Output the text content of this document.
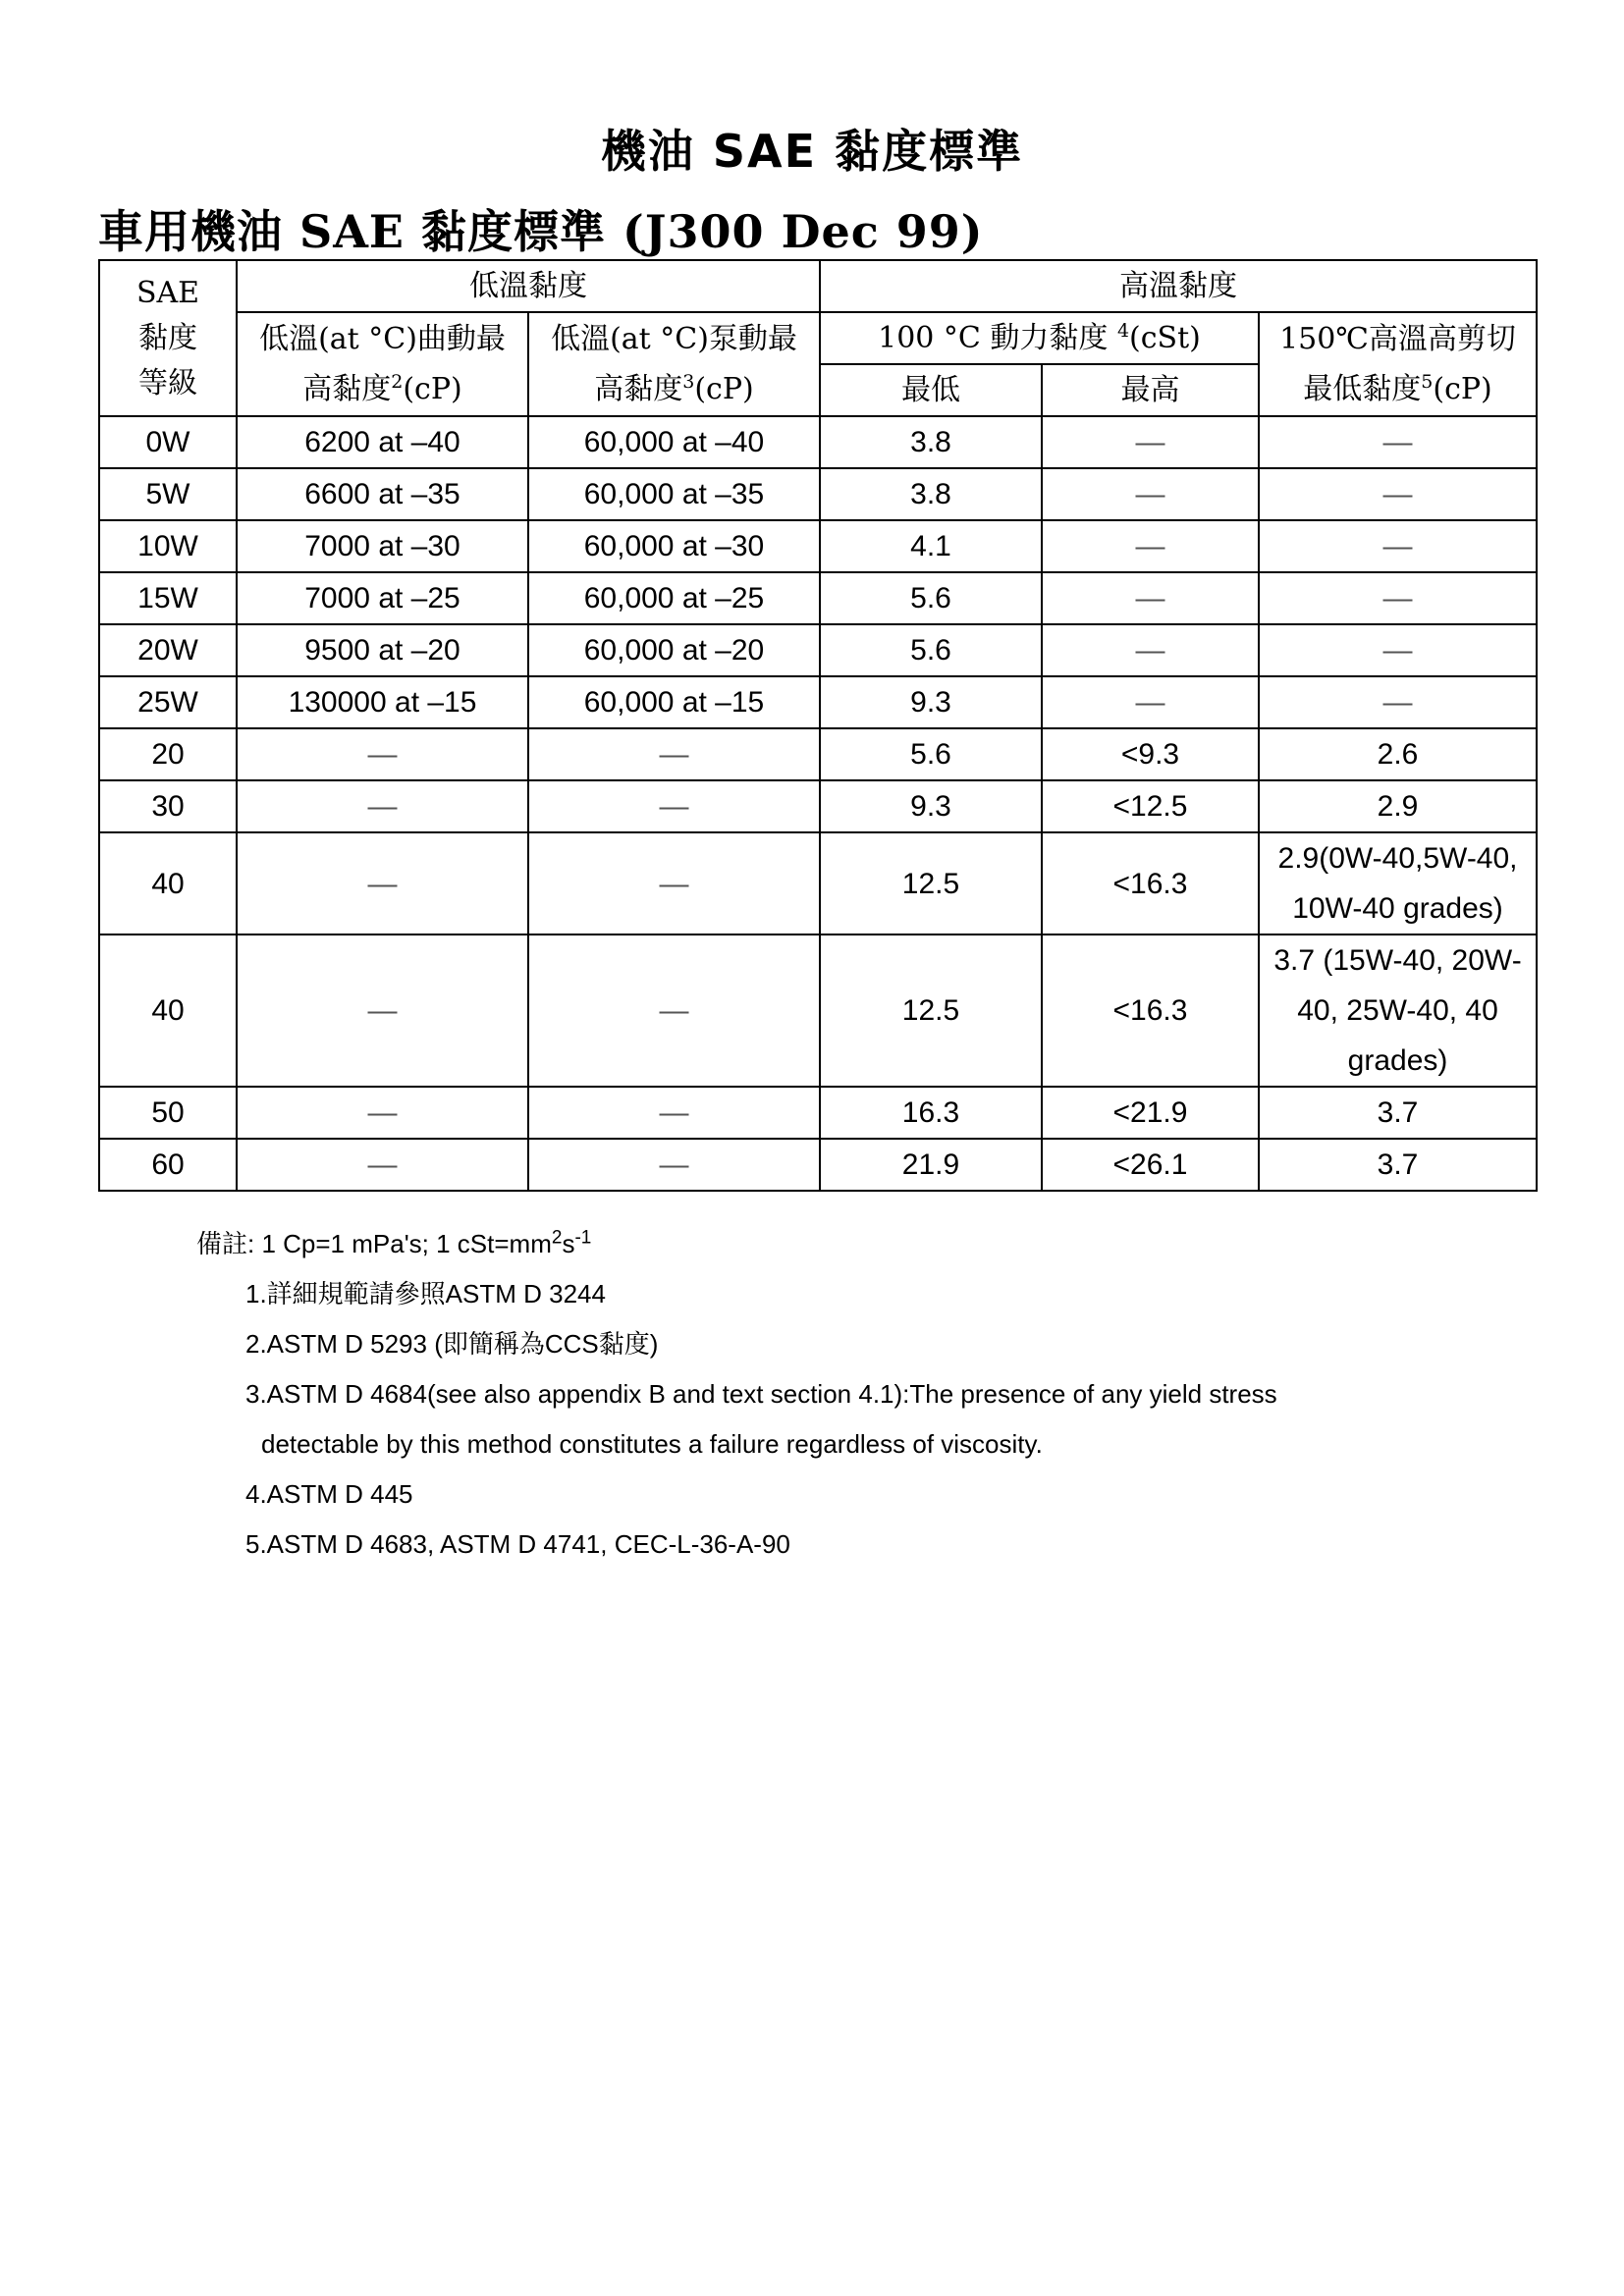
機油 SAE 黏度標準
車用機油 SAE 黏度標準 (J300 Dec 99)
SAE 黏度等級	低溫黏度		高溫黏度		
	低溫(at °C)曲動最高黏度$^2$(cP)	低溫(at °C)泵動最高黏度$^3$(cP)	100 °C 動力黏度 $^4$(cSt)		150℃高溫高剪切最低黏度$^5$(cP)
			最低	最高	
0W	6200 at –40	60,000 at –40	3.8	—	—
5W	6600 at –35	60,000 at –35	3.8	—	—
10W	7000 at –30	60,000 at –30	4.1	—	—
15W	7000 at –25	60,000 at –25	5.6	—	—
20W	9500 at –20	60,000 at –20	5.6	—	—
25W	130000 at –15	60,000 at –15	9.3	—	—
20	—	—	5.6	<9.3	2.6
30	—	—	9.3	<12.5	2.9
40	—	—	12.5	<16.3	2.9(0W-40,5W-40, 10W-40 grades)
40	—	—	12.5	<16.3	3.7 (15W-40, 20W-40, 25W-40, 40 grades)
50	—	—	16.3	<21.9	3.7
60	—	—	21.9	<26.1	3.7

備註: 1 Cp=1 mPa's; 1 $cSt=mm^2s^{-1}$

1.詳細規範請參照ASTM D 3244

2.ASTM D 5293 (即簡稱為CCS黏度)

3.ASTM D 4684(see also appendix B and text section 4.1):The presence of any yield stress

detectable by this method constitutes a failure regardless of viscosity.

4.ASTM D 445

5.ASTM D 4683, ASTM D 4741, CEC-L-36-A-90
